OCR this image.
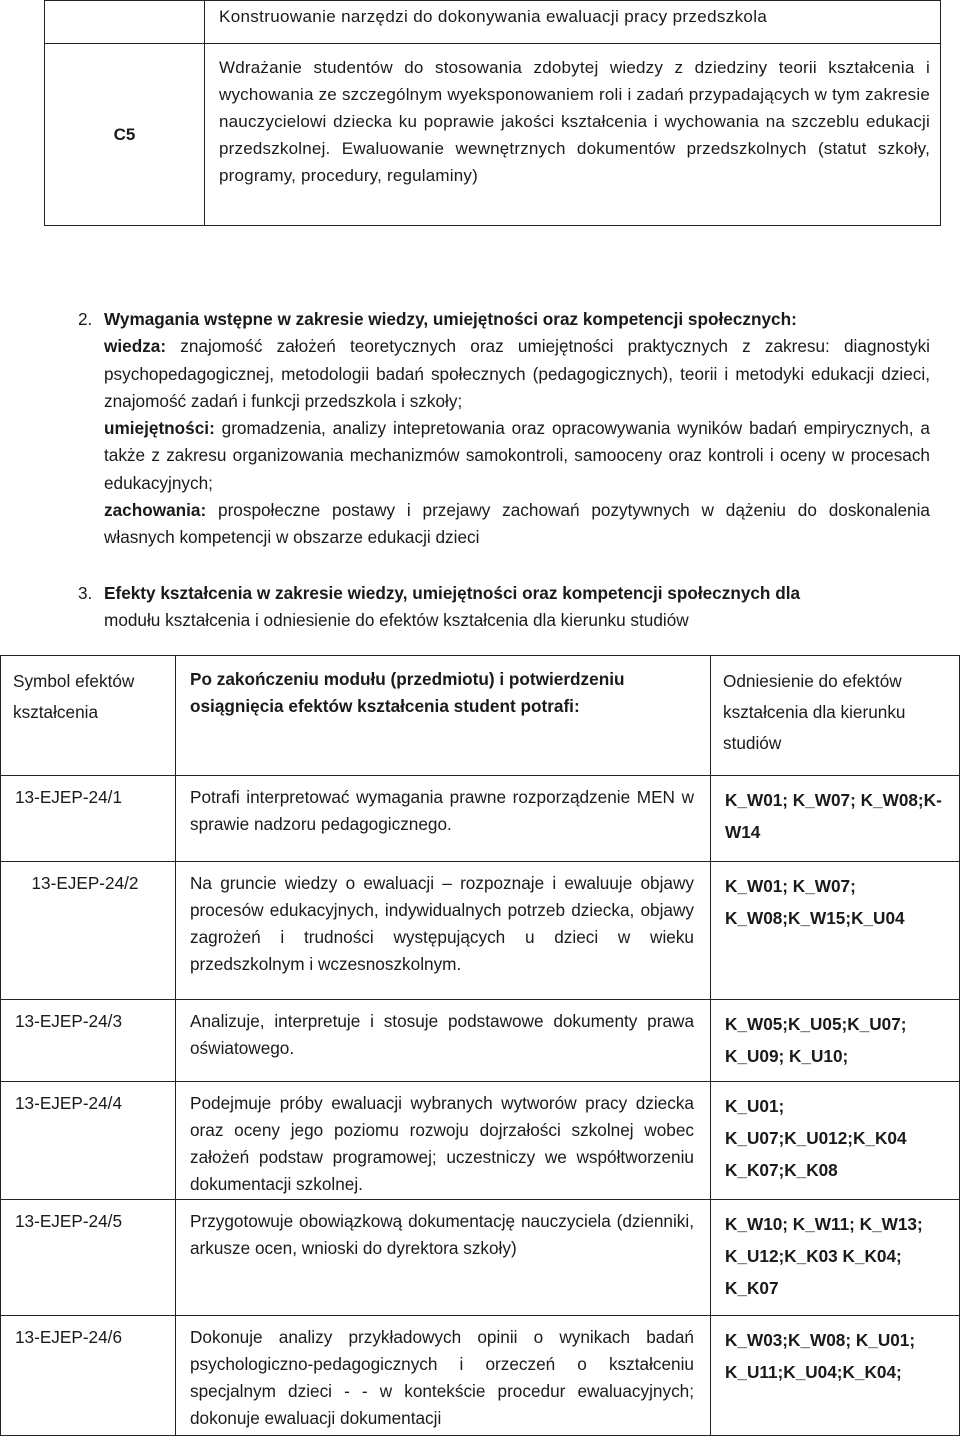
	Konstruowanie narzędzi do dokonywania ewaluacji pracy przedszkola
C5	Wdrażanie studentów do stosowania zdobytej wiedzy z dziedziny teorii kształcenia i wychowania ze szczególnym wyeksponowaniem roli i zadań przypadających w tym zakresie nauczycielowi dziecka ku poprawie jakości kształcenia i wychowania na szczeblu edukacji przedszkolnej. Ewaluowanie wewnętrznych dokumentów przedszkolnych (statut szkoły, programy, procedury, regulaminy)
2. Wymagania wstępne w zakresie wiedzy, umiejętności oraz kompetencji społecznych:
wiedza: znajomość założeń teoretycznych oraz umiejętności praktycznych z zakresu: diagnostyki psychopedagogicznej, metodologii badań społecznych (pedagogicznych), teorii i metodyki edukacji dzieci, znajomość zadań i funkcji przedszkola i szkoły;
umiejętności: gromadzenia, analizy intepretowania oraz opracowywania wyników badań empirycznych, a także z zakresu organizowania mechanizmów samokontroli, samooceny oraz kontroli i oceny w procesach edukacyjnych;
zachowania: prospołeczne postawy i przejawy zachowań pozytywnych w dążeniu do doskonalenia własnych kompetencji w obszarze edukacji dzieci
3. Efekty kształcenia w zakresie wiedzy, umiejętności oraz kompetencji społecznych dla
modułu kształcenia i odniesienie do efektów kształcenia dla kierunku studiów
Symbol efektów kształcenia	Po zakończeniu modułu (przedmiotu) i potwierdzeniu osiągnięcia efektów kształcenia student potrafi:	Odniesienie do efektów kształcenia dla kierunku studiów
13-EJEP-24/1	Potrafi interpretować wymagania prawne rozporządzenie MEN w sprawie nadzoru pedagogicznego.	K_W01; K_W07; K_W08;K-W14
13-EJEP-24/2	Na gruncie wiedzy o ewaluacji – rozpoznaje i ewaluuje objawy procesów edukacyjnych, indywidualnych potrzeb dziecka, objawy zagrożeń i trudności występujących u dzieci w wieku przedszkolnym i wczesnoszkolnym.	K_W01; K_W07; K_W08;K_W15;K_U04
13-EJEP-24/3	Analizuje, interpretuje i stosuje podstawowe dokumenty prawa oświatowego.	K_W05;K_U05;K_U07; K_U09; K_U10;
13-EJEP-24/4	Podejmuje próby ewaluacji wybranych wytworów pracy dziecka oraz oceny jego poziomu rozwoju dojrzałości szkolnej wobec założeń podstaw programowej; uczestniczy we współtworzeniu dokumentacji szkolnej.	K_U01; K_U07;K_U012;K_K04 K_K07;K_K08
13-EJEP-24/5	Przygotowuje obowiązkową dokumentację nauczyciela (dzienniki, arkusze ocen, wnioski do dyrektora szkoły)	K_W10; K_W11; K_W13; K_U12;K_K03 K_K04; K_K07
13-EJEP-24/6	Dokonuje analizy przykładowych opinii o wynikach badań psychologiczno-pedagogicznych i orzeczeń o kształceniu specjalnym dzieci - - w kontekście procedur ewaluacyjnych; dokonuje ewaluacji dokumentacji	K_W03;K_W08; K_U01; K_U11;K_U04;K_K04;
